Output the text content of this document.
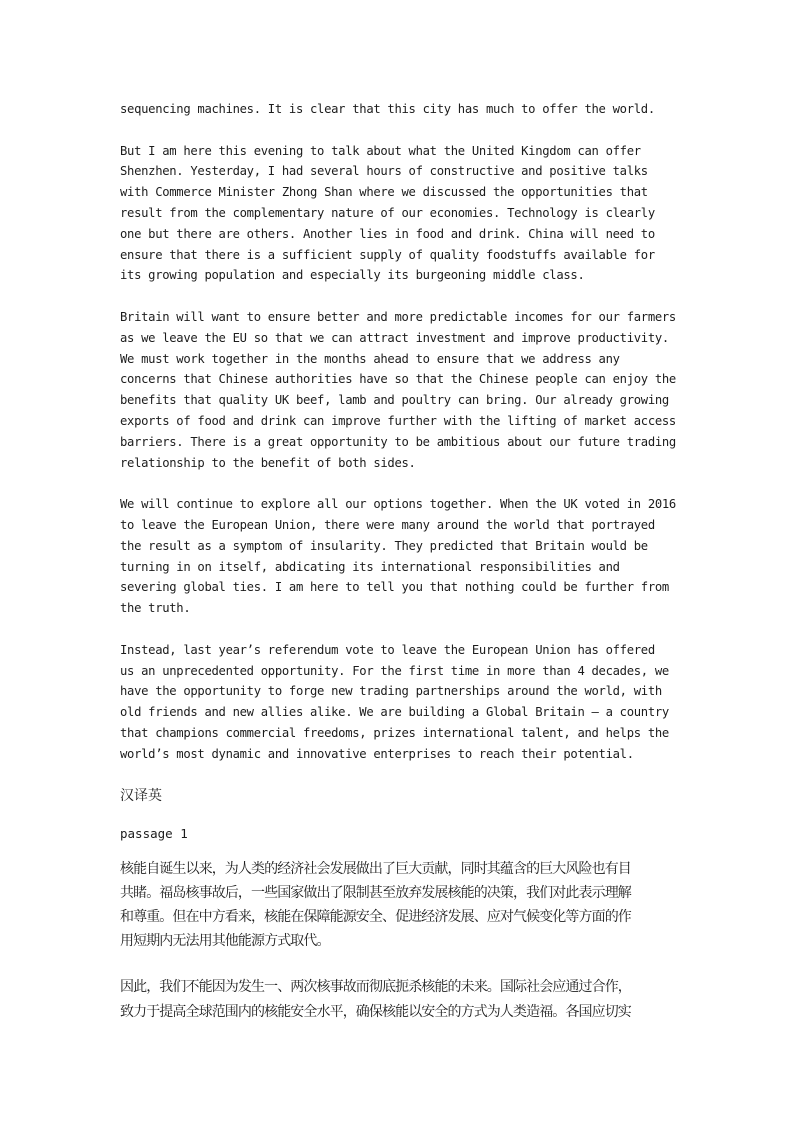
sequencing machines. It is clear that this city has much to offer the world.

But I am here this evening to talk about what the United Kingdom can offer
Shenzhen. Yesterday, I had several hours of constructive and positive talks
with Commerce Minister Zhong Shan where we discussed the opportunities that
result from the complementary nature of our economies. Technology is clearly
one but there are others. Another lies in food and drink. China will need to
ensure that there is a sufficient supply of quality foodstuffs available for
its growing population and especially its burgeoning middle class.

Britain will want to ensure better and more predictable incomes for our farmers
as we leave the EU so that we can attract investment and improve productivity.
We must work together in the months ahead to ensure that we address any
concerns that Chinese authorities have so that the Chinese people can enjoy the
benefits that quality UK beef, lamb and poultry can bring. Our already growing
exports of food and drink can improve further with the lifting of market access
barriers. There is a great opportunity to be ambitious about our future trading
relationship to the benefit of both sides.

We will continue to explore all our options together. When the UK voted in 2016
to leave the European Union, there were many around the world that portrayed
the result as a symptom of insularity. They predicted that Britain would be
turning in on itself, abdicating its international responsibilities and
severing global ties. I am here to tell you that nothing could be further from
the truth.

Instead, last year’s referendum vote to leave the European Union has offered
us an unprecedented opportunity. For the first time in more than 4 decades, we
have the opportunity to forge new trading partnerships around the world, with
old friends and new allies alike. We are building a Global Britain – a country
that champions commercial freedoms, prizes international talent, and helps the
world’s most dynamic and innovative enterprises to reach their potential.

汉译英
passage 1

核能自诞生以来，为人类的经济社会发展做出了巨大贡献，同时其蕴含的巨大风险也有目
共睹。福岛核事故后，一些国家做出了限制甚至放弃发展核能的决策，我们对此表示理解
和尊重。但在中方看来，核能在保障能源安全、促进经济发展、应对气候变化等方面的作
用短期内无法用其他能源方式取代。

因此，我们不能因为发生一、两次核事故而彻底扼杀核能的未来。国际社会应通过合作，
致力于提高全球范围内的核能安全水平，确保核能以安全的方式为人类造福。各国应切实
